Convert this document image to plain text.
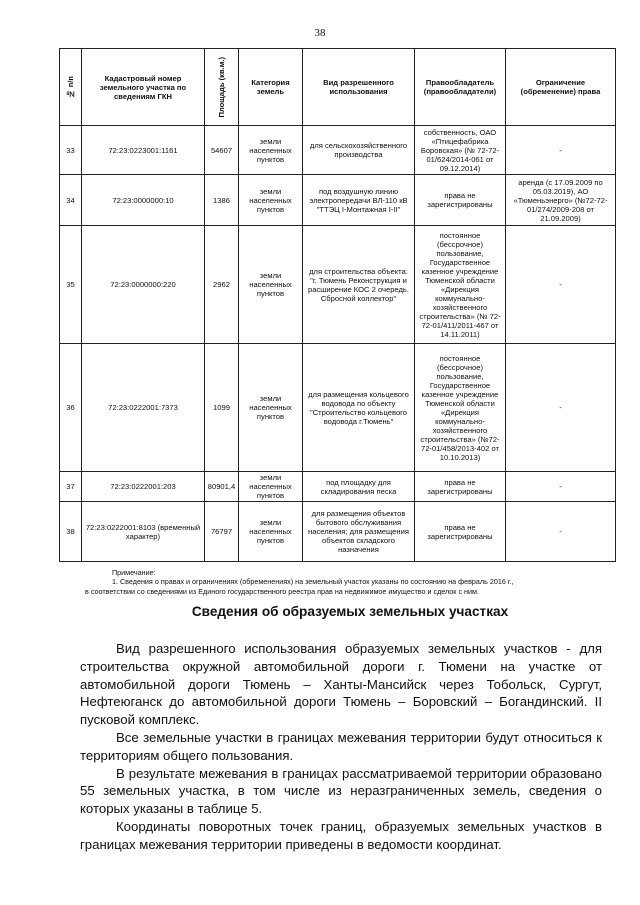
38
№ п/п	Кадастровый номер земельного участка по сведениям ГКН	Площадь (кв.м.)	Категория земель	Вид разрешенного использования	Правообладатель (правообладатели)	Ограничение (обременение) права
33	72:23:0223001:1161	54607	земли населенных пунктов	для сельскохозяйственного производства	собственность, ОАО «Птицефабрика Боровская» (№ 72-72-01/624/2014-061 от 09.12.2014)	-
34	72:23:0000000:10	1386	земли населенных пунктов	под воздушную линию электропередачи ВЛ-110 кВ "ТТЭЦ I-Монтажная I-II"	права не зарегистрированы	аренда (с 17.09.2009 по 05.03.2019), АО «Тюменьэнерго» (№72-72-01/274/2009-208 от 21.09.2009)
35	72:23:0000000:220	2962	земли населенных пунктов	для строительства объекта: "г. Тюмень Реконструкция и расширение КОС 2 очередь. Сбросной коллектор"	постоянное (бессрочное) пользование, Государственное казенное учреждение Тюменской области «Дирекция коммунально-хозяйственного строительства» (№ 72-72-01/411/2011-467 от 14.11.2011)	-
36	72:23:0222001:7373	1099	земли населенных пунктов	для размещения кольцевого водовода по объекту "Строительство кольцевого водовода г.Тюмень"	постоянное (бессрочное) пользование, Государственное казенное учреждение Тюменской области «Дирекция коммунально-хозяйственного строительства» (№72-72-01/458/2013-402 от 10.10.2013)	-
37	72:23:0222001:203	80901,4	земли населенных пунктов	под площадку для складирования песка	права не зарегистрированы	-
38	72:23:0222001:8103 (временный характер)	76797	земли населенных пунктов	для размещения объектов бытового обслуживания населения; для размещения объектов складского назначения	права не зарегистрированы	-
Примечание:
1. Сведения о правах и ограничениях (обременениях) на земельный участок указаны по состоянию на февраль 2016 г.,
в соответствии со сведениями из Единого государственного реестра прав на недвижимое имущество и сделок с ним.
Сведения об образуемых земельных участках

Вид разрешенного использования образуемых земельных участков - для строительства окружной автомобильной дороги г. Тюмени на участке от автомобильной дороги Тюмень – Ханты-Мансийск через Тобольск, Сургут, Нефтеюганск до автомобильной дороги Тюмень – Боровский – Богандинский. II пусковой комплекс.

Все земельные участки в границах межевания территории будут относиться к территориям общего пользования.

В результате межевания в границах рассматриваемой территории образовано 55 земельных участка, в том числе из неразграниченных земель, сведения о которых указаны в таблице 5.

Координаты поворотных точек границ, образуемых земельных участков в границах межевания территории приведены в ведомости координат.
